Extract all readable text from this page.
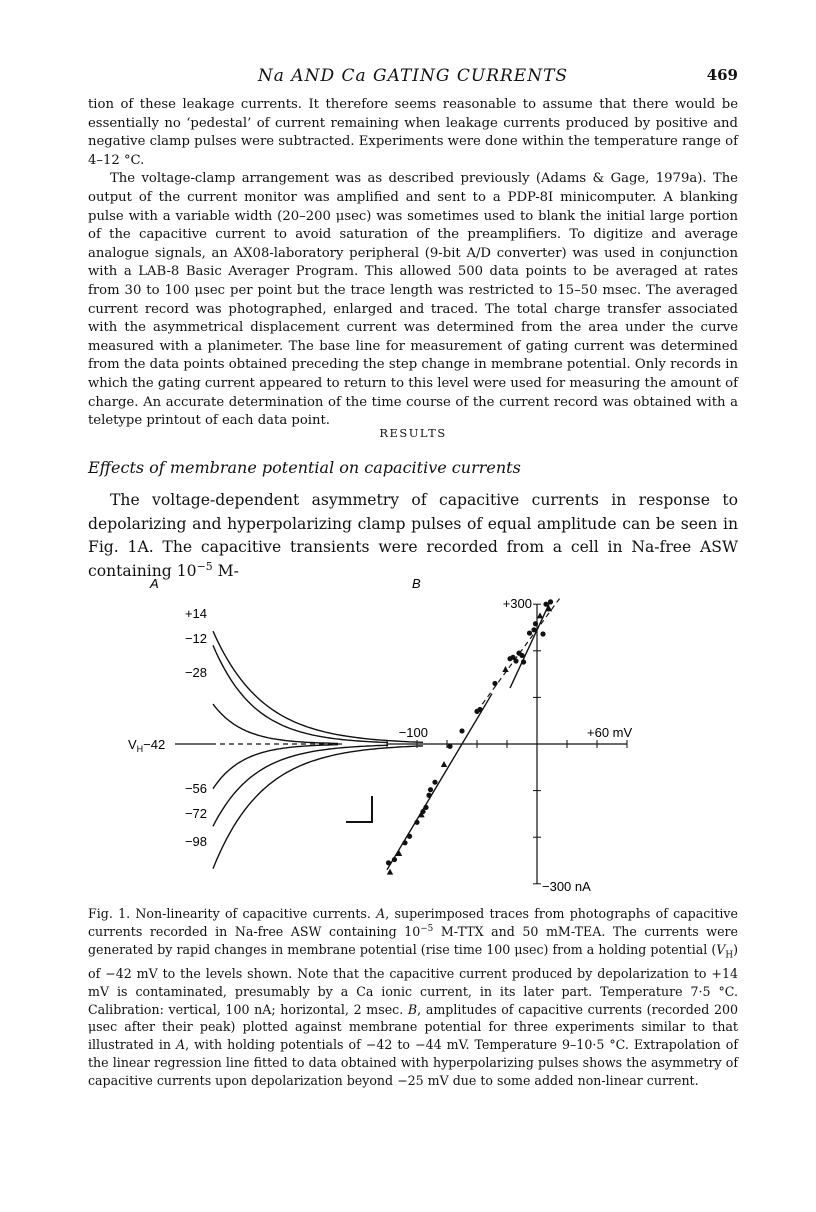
Na AND Ca GATING CURRENTS	469

tion of these leakage currents. It therefore seems reasonable to assume that there would be essentially no ‘pedestal’ of current remaining when leakage currents produced by positive and negative clamp pulses were subtracted. Experiments were done within the temperature range of 4–12 °C.

The voltage-clamp arrangement was as described previously (Adams & Gage, 1979a). The output of the current monitor was amplified and sent to a PDP-8I minicomputer. A blanking pulse with a variable width (20–200 μsec) was sometimes used to blank the initial large portion of the capacitive current to avoid saturation of the preamplifiers. To digitize and average analogue signals, an AX08-laboratory peripheral (9-bit A/D converter) was used in conjunction with a LAB-8 Basic Averager Program. This allowed 500 data points to be averaged at rates from 30 to 100 μsec per point but the trace length was restricted to 15–50 msec. The averaged current record was photographed, enlarged and traced. The total charge transfer associated with the asymmetrical displacement current was determined from the area under the curve measured with a planimeter. The base line for measurement of gating current was determined from the data points obtained preceding the step change in membrane potential. Only records in which the gating current appeared to return to this level were used for measuring the amount of charge. An accurate determination of the time course of the current record was obtained with a teletype printout of each data point.

RESULTS
Effects of membrane potential on capacitive currents

The voltage-dependent asymmetry of capacitive currents in response to depolarizing and hyperpolarizing clamp pulses of equal amplitude can be seen in Fig. 1A. The capacitive transients were recorded from a cell in Na-free ASW containing $10^{-5}$ M-

A
$V_H-42$
+14
−12
−28
−56
−72
−98
B
−100	+60 mV
+300
−300 nA

Fig. 1. Non-linearity of capacitive currents. A, superimposed traces from photographs of capacitive currents recorded in Na-free ASW containing $10^{-5}$ M-TTX and 50 mM-TEA. The currents were generated by rapid changes in membrane potential (rise time 100 μsec) from a holding potential $(V_H)$ of −42 mV to the levels shown. Note that the capacitive current produced by depolarization to +14 mV is contaminated, presumably by a Ca ionic current, in its later part. Temperature 7·5 °C. Calibration: vertical, 100 nA; horizontal, 2 msec. B, amplitudes of capacitive currents (recorded 200 μsec after their peak) plotted against membrane potential for three experiments similar to that illustrated in A, with holding potentials of −42 to −44 mV. Temperature 9–10·5 °C. Extrapolation of the linear regression line fitted to data obtained with hyperpolarizing pulses shows the asymmetry of capacitive currents upon depolarization beyond −25 mV due to some added non-linear current.
